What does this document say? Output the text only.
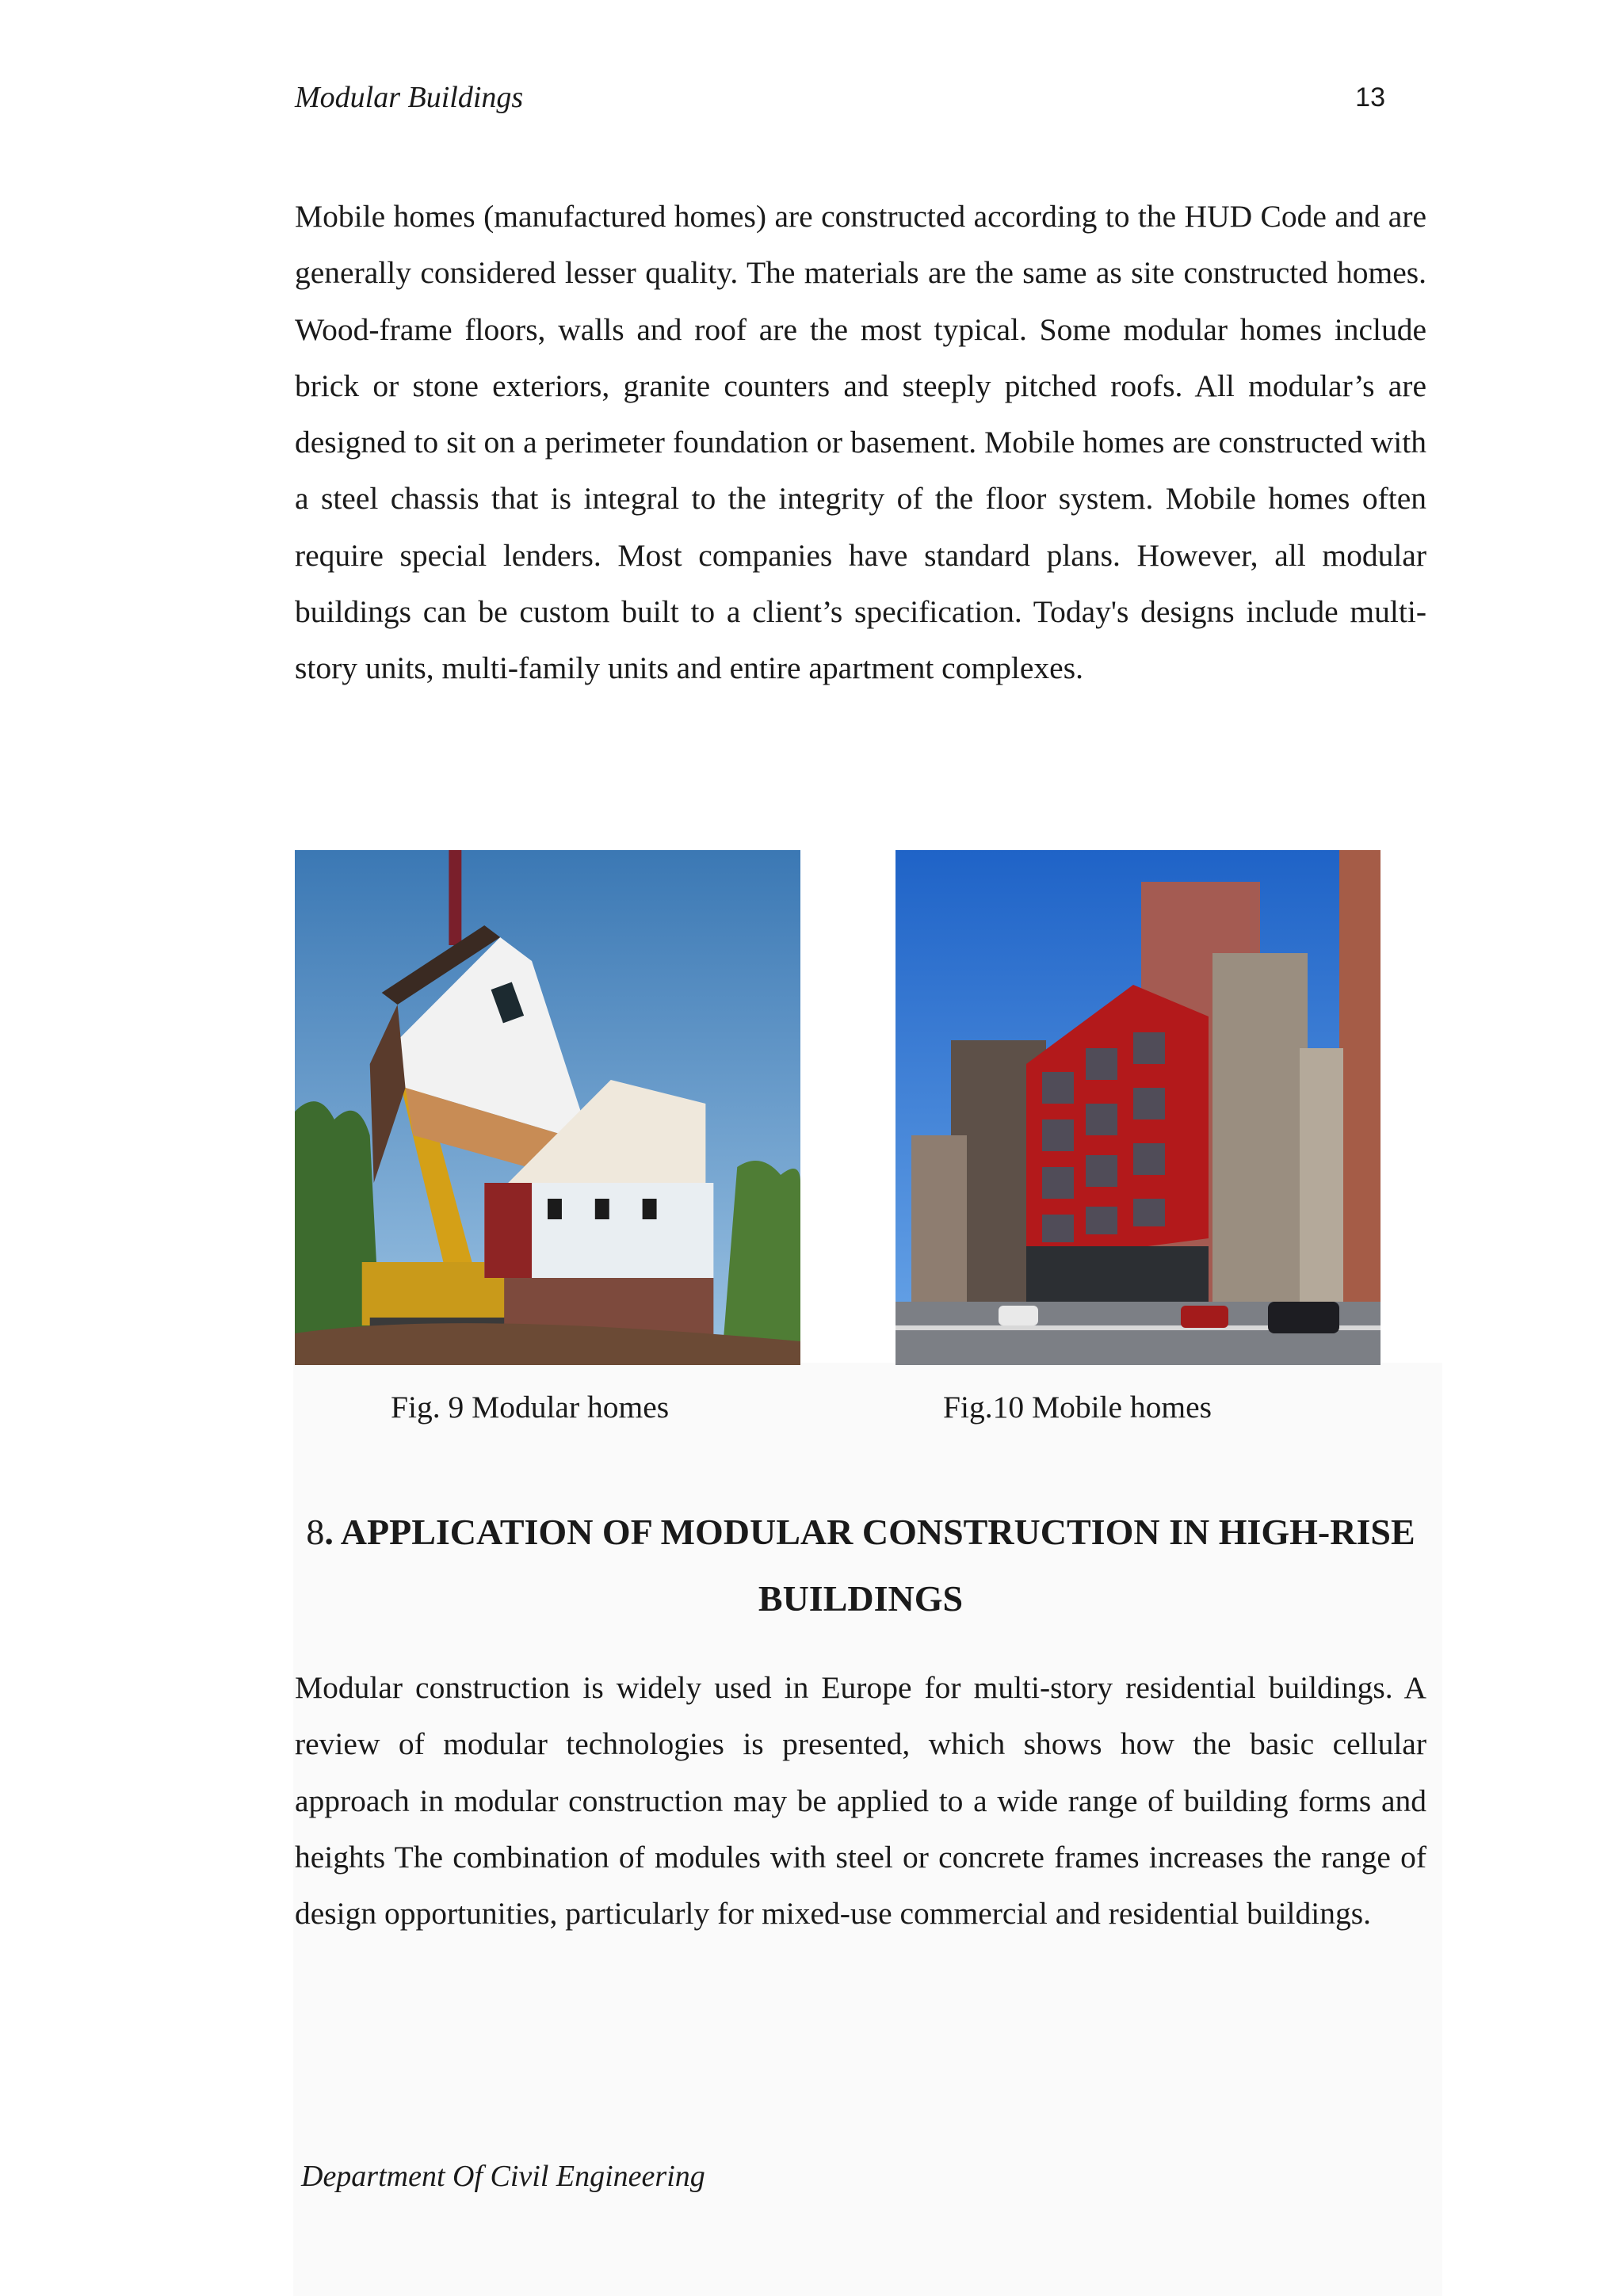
Modular Buildings	13

Mobile homes (manufactured homes) are constructed according to the HUD Code and are generally considered lesser quality. The materials are the same as site constructed homes. Wood-frame floors, walls and roof are the most typical. Some modular homes include brick or stone exteriors, granite counters and steeply pitched roofs. All modular’s are designed to sit on a perimeter foundation or basement. Mobile homes are constructed with a steel chassis that is integral to the integrity of the floor system. Mobile homes often require special lenders. Most companies have standard plans. However, all modular buildings can be custom built to a client’s specification. Today's designs include multi-story units, multi-family units and entire apartment complexes.

Fig. 9 Modular homes	Fig.10 Mobile homes
8. APPLICATION OF MODULAR CONSTRUCTION IN HIGH-RISE BUILDINGS

Modular construction is widely used in Europe for multi-story residential buildings. A review of modular technologies is presented, which shows how the basic cellular approach in modular construction may be applied to a wide range of building forms and heights The combination of modules with steel or concrete frames increases the range of design opportunities, particularly for mixed-use commercial and residential buildings.

Department Of Civil Engineering
